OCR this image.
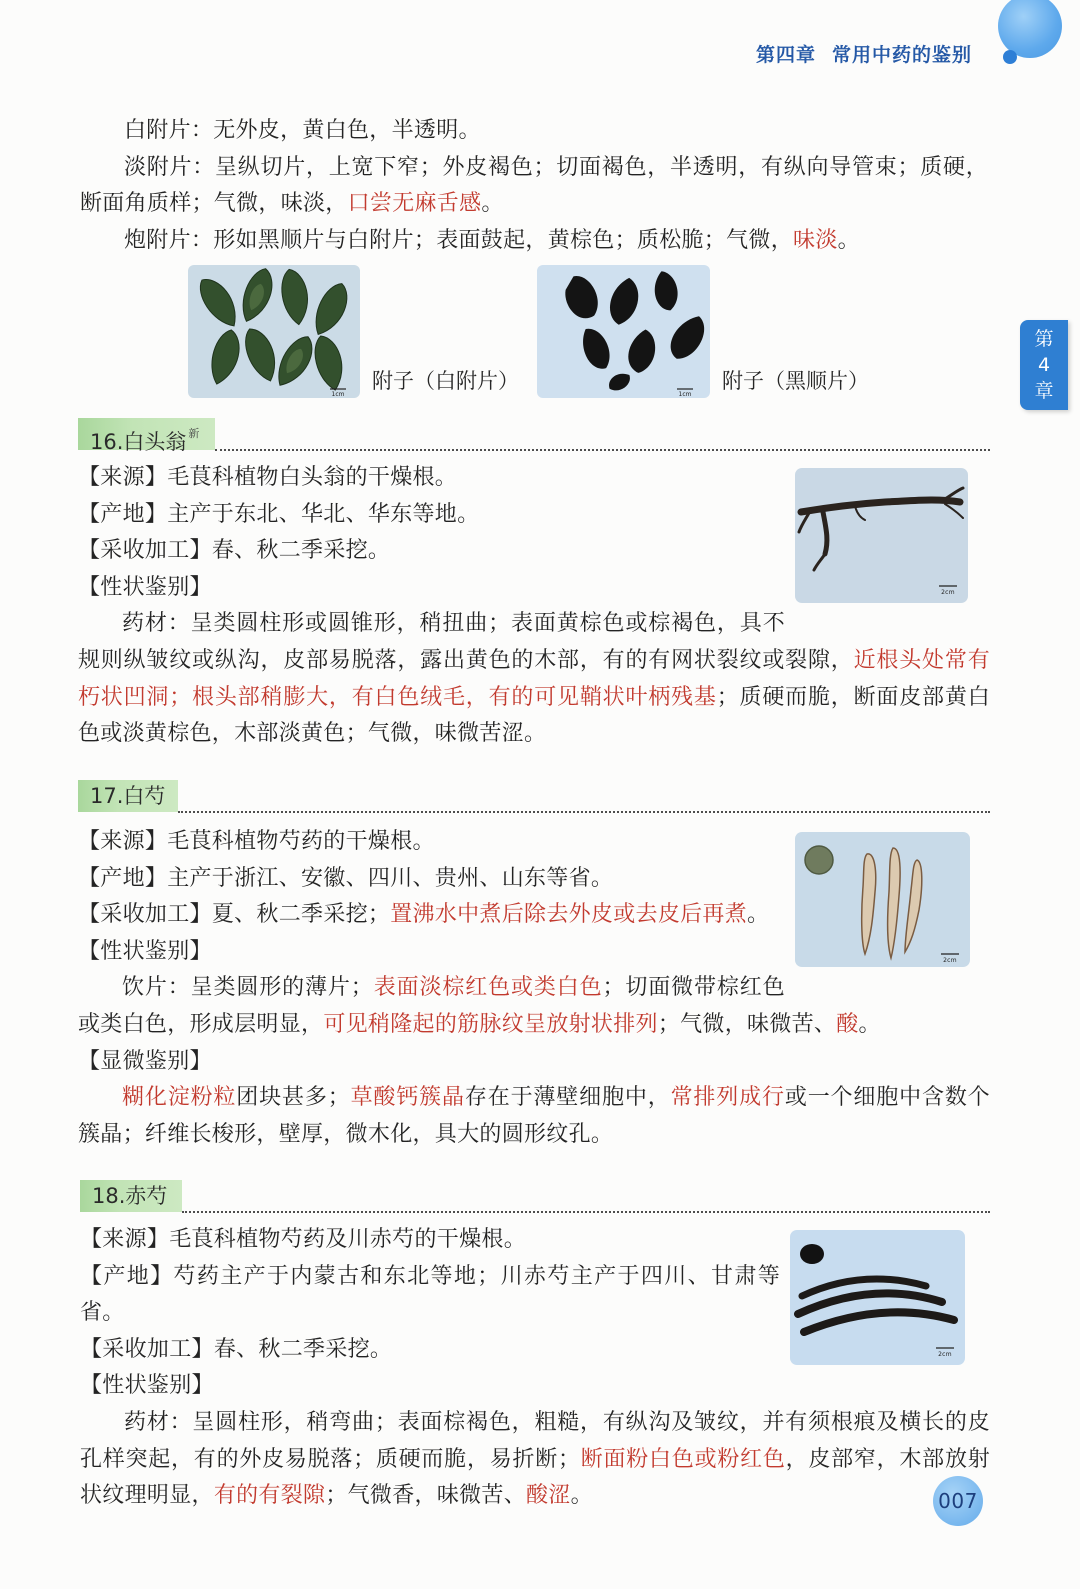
第四章 常用中药的鉴别
第
4
章

白附片：无外皮，黄白色，半透明。

淡附片：呈纵切片，上宽下窄；外皮褐色；切面褐色，半透明，有纵向导管束；质硬，断面角质样；气微，味淡，口尝无麻舌感。

炮附片：形如黑顺片与白附片；表面鼓起，黄棕色；质松脆；气微，味淡。

1cm
附子（白附片）
1cm
附子（黑顺片）
16.白头翁 $^新$
2cm

【来源】毛茛科植物白头翁的干燥根。

【产地】主产于东北、华北、华东等地。

【采收加工】春、秋二季采挖。

【性状鉴别】

药材：呈类圆柱形或圆锥形，稍扭曲；表面黄棕色或棕褐色，具不规则纵皱纹或纵沟，皮部易脱落，露出黄色的木部，有的有网状裂纹或裂隙，近根头处常有朽状凹洞；根头部稍膨大，有白色绒毛，有的可见鞘状叶柄残基；质硬而脆，断面皮部黄白色或淡黄棕色，木部淡黄色；气微，味微苦涩。

17.白芍
2cm

【来源】毛茛科植物芍药的干燥根。

【产地】主产于浙江、安徽、四川、贵州、山东等省。

【采收加工】夏、秋二季采挖；置沸水中煮后除去外皮或去皮后再煮。

【性状鉴别】

饮片：呈类圆形的薄片；表面淡棕红色或类白色；切面微带棕红色或类白色，形成层明显，可见稍隆起的筋脉纹呈放射状排列；气微，味微苦、酸。

【显微鉴别】

糊化淀粉粒团块甚多；草酸钙簇晶存在于薄壁细胞中，常排列成行或一个细胞中含数个簇晶；纤维长梭形，壁厚，微木化，具大的圆形纹孔。

18.赤芍
2cm

【来源】毛茛科植物芍药及川赤芍的干燥根。

【产地】芍药主产于内蒙古和东北等地；川赤芍主产于四川、甘肃等省。

【采收加工】春、秋二季采挖。

【性状鉴别】

药材：呈圆柱形，稍弯曲；表面棕褐色，粗糙，有纵沟及皱纹，并有须根痕及横长的皮孔样突起，有的外皮易脱落；质硬而脆，易折断；断面粉白色或粉红色，皮部窄，木部放射状纹理明显，有的有裂隙；气微香，味微苦、酸涩。	007
